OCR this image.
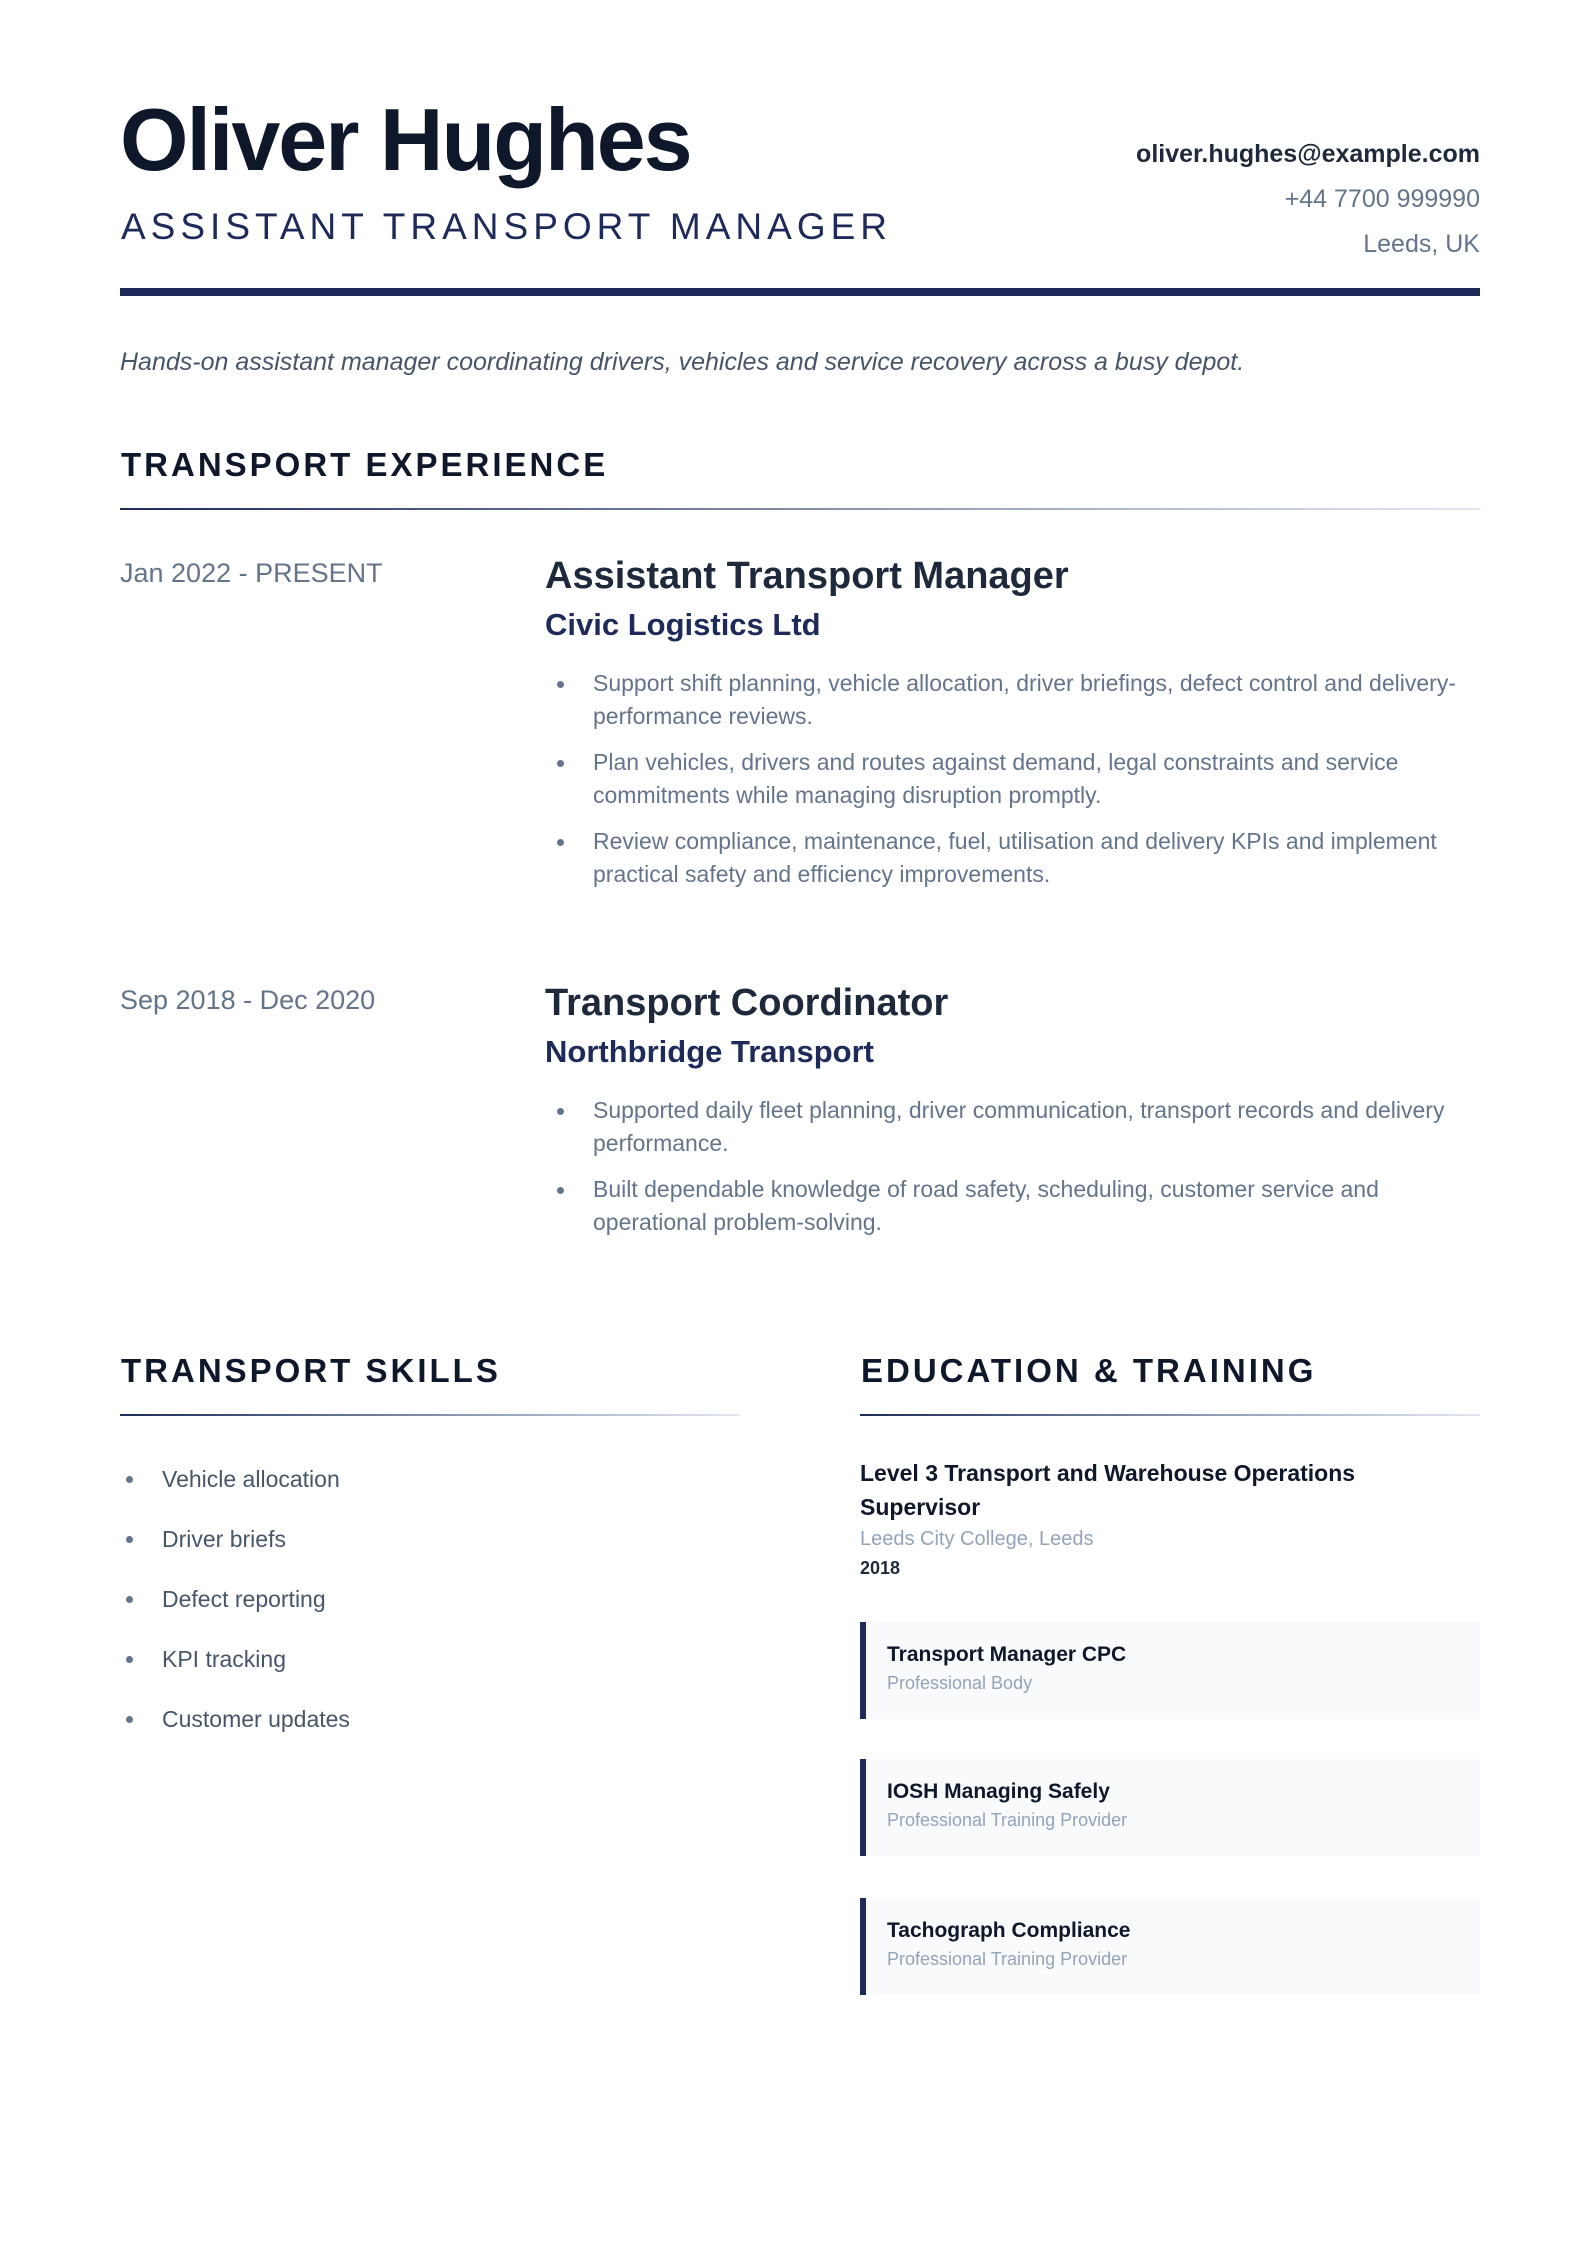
Oliver Hughes
ASSISTANT TRANSPORT MANAGER
oliver.hughes@example.com
+44 7700 999990
Leeds, UK

Hands-on assistant manager coordinating drivers, vehicles and service recovery across a busy depot.

TRANSPORT EXPERIENCE
Jan 2022 - PRESENT	Assistant Transport Manager
Civic Logistics Ltd
Support shift planning, vehicle allocation, driver briefings, defect control and delivery-performance reviews.
Plan vehicles, drivers and routes against demand, legal constraints and service commitments while managing disruption promptly.
Review compliance, maintenance, fuel, utilisation and delivery KPIs and implement practical safety and efficiency improvements.
Sep 2018 - Dec 2020	Transport Coordinator
Northbridge Transport
Supported daily fleet planning, driver communication, transport records and delivery performance.
Built dependable knowledge of road safety, scheduling, customer service and operational problem-solving.
TRANSPORT SKILLS
Vehicle allocation
Driver briefs
Defect reporting
KPI tracking
Customer updates
EDUCATION & TRAINING

Level 3 Transport and Warehouse Operations Supervisor

Leeds City College, Leeds

2018

Transport Manager CPC

Professional Body

IOSH Managing Safely

Professional Training Provider

Tachograph Compliance

Professional Training Provider
